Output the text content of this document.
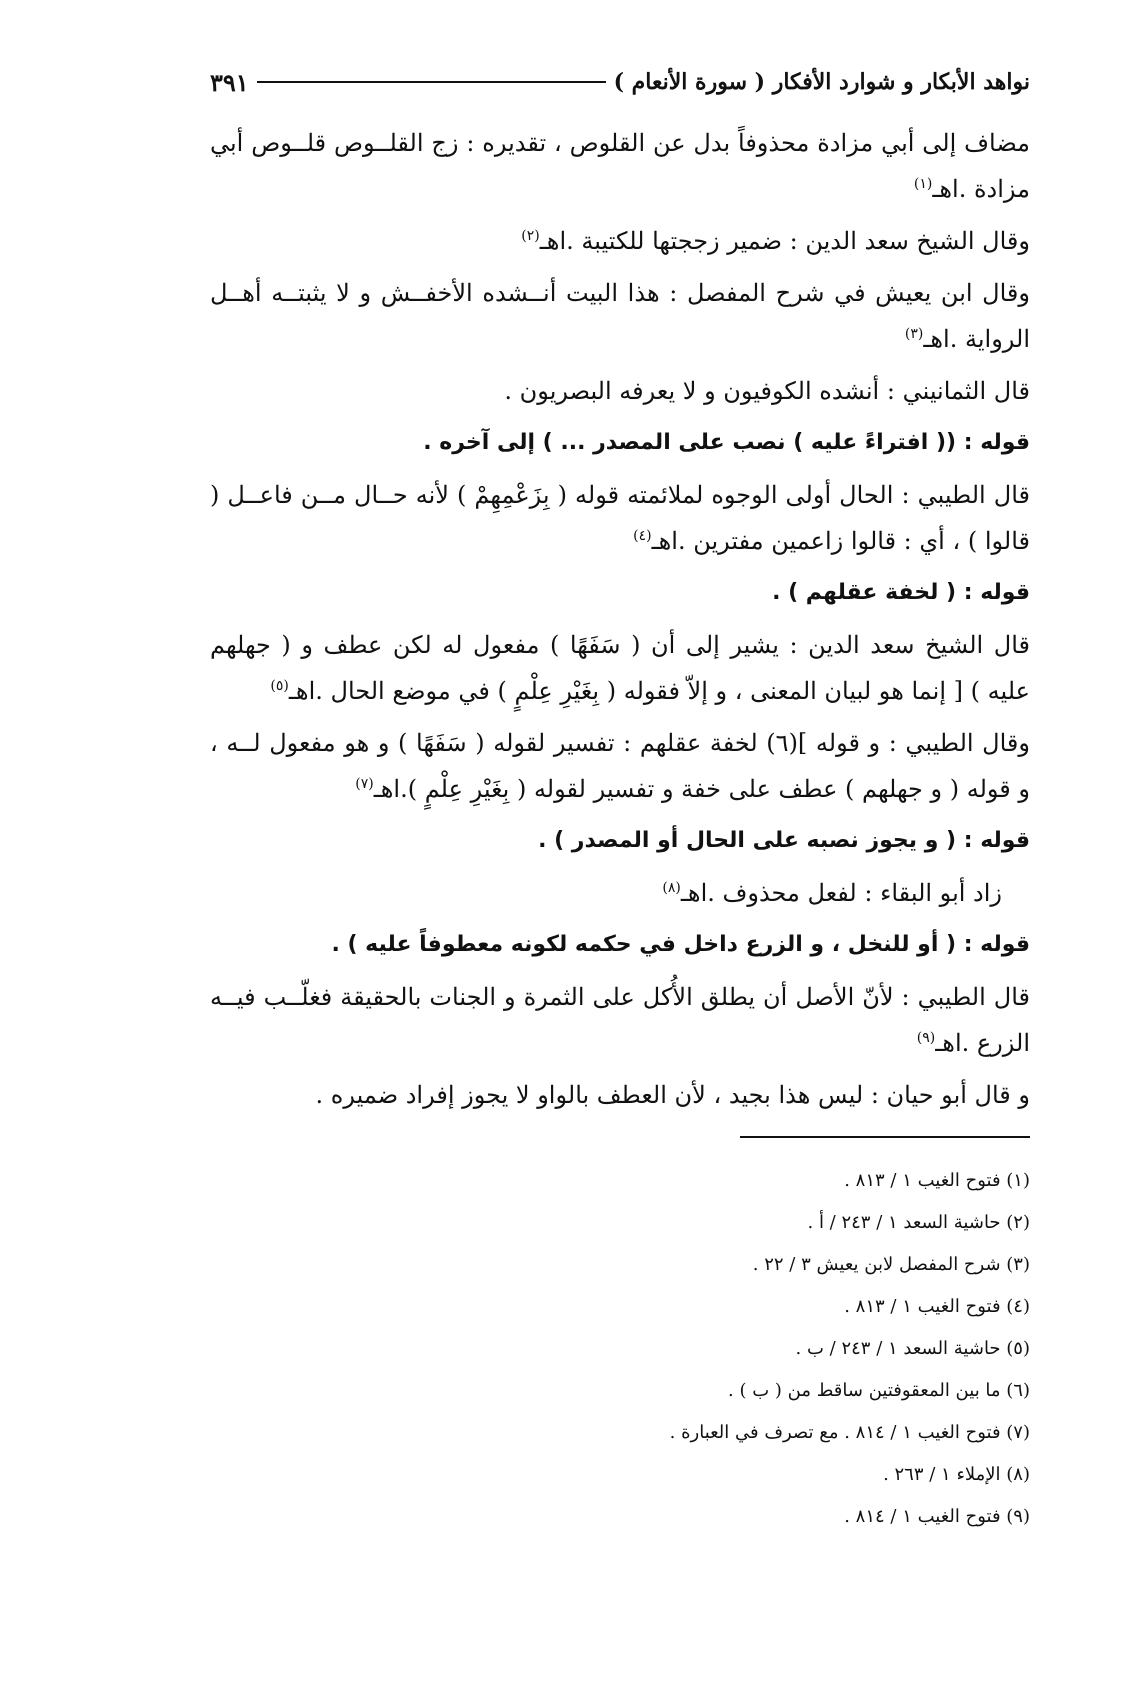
نواهد الأبكار و شوارد الأفكار ( سورة الأنعام )
٣٩١

مضاف إلى أبي مزادة محذوفاً بدل عن القلوص ، تقديره : زج القلــوص قلــوص أبي مزادة .اهـ$^{(١)}$

وقال الشيخ سعد الدين : ضمير زججتها للكتيبة .اهـ$^{(٢)}$

وقال ابن يعيش في شرح المفصل : هذا البيت أنــشده الأخفــش و لا يثبتــه أهــل الرواية .اهـ$^{(٣)}$

قال الثمانيني : أنشده الكوفيون و لا يعرفه البصريون .

قوله : (( افتراءً عليه ) نصب على المصدر ... ) إلى آخره .

قال الطيبي : الحال أولى الوجوه لملائمته قوله ( بِزَعْمِهِمْ ) لأنه حــال مــن فاعــل ( قالوا ) ، أي : قالوا زاعمين مفترين .اهـ$^{(٤)}$

قوله : ( لخفة عقلهم ) .

قال الشيخ سعد الدين : يشير إلى أن ( سَفَهًا ) مفعول له لكن عطف و ( جهلهم عليه ) [ إنما هو لبيان المعنى ، و إلاّ فقوله ( بِغَيْرِ عِلْمٍ ) في موضع الحال .اهـ$^{(٥)}$

وقال الطيبي : و قوله ](٦) لخفة عقلهم : تفسير لقوله ( سَفَهًا ) و هو مفعول لــه ، و قوله ( و جهلهم ) عطف على خفة و تفسير لقوله ( بِغَيْرِ عِلْمٍ ).اهـ$^{(٧)}$

قوله : ( و يجوز نصبه على الحال أو المصدر ) .

زاد أبو البقاء : لفعل محذوف .اهـ$^{(٨)}$

قوله : ( أو للنخل ، و الزرع داخل في حكمه لكونه معطوفاً عليه ) .

قال الطيبي : لأنّ الأصل أن يطلق الأُكل على الثمرة و الجنات بالحقيقة فغلّــب فيــه الزرع .اهـ$^{(٩)}$

و قال أبو حيان : ليس هذا بجيد ، لأن العطف بالواو لا يجوز إفراد ضميره .

(١) فتوح الغيب ١ / ٨١٣ .
(٢) حاشية السعد ١ / ٢٤٣ / أ .
(٣) شرح المفصل لابن يعيش ٣ / ٢٢ .
(٤) فتوح الغيب ١ / ٨١٣ .
(٥) حاشية السعد ١ / ٢٤٣ / ب .
(٦) ما بين المعقوفتين ساقط من ( ب ) .
(٧) فتوح الغيب ١ / ٨١٤ . مع تصرف في العبارة .
(٨) الإملاء ١ / ٢٦٣ .
(٩) فتوح الغيب ١ / ٨١٤ .
